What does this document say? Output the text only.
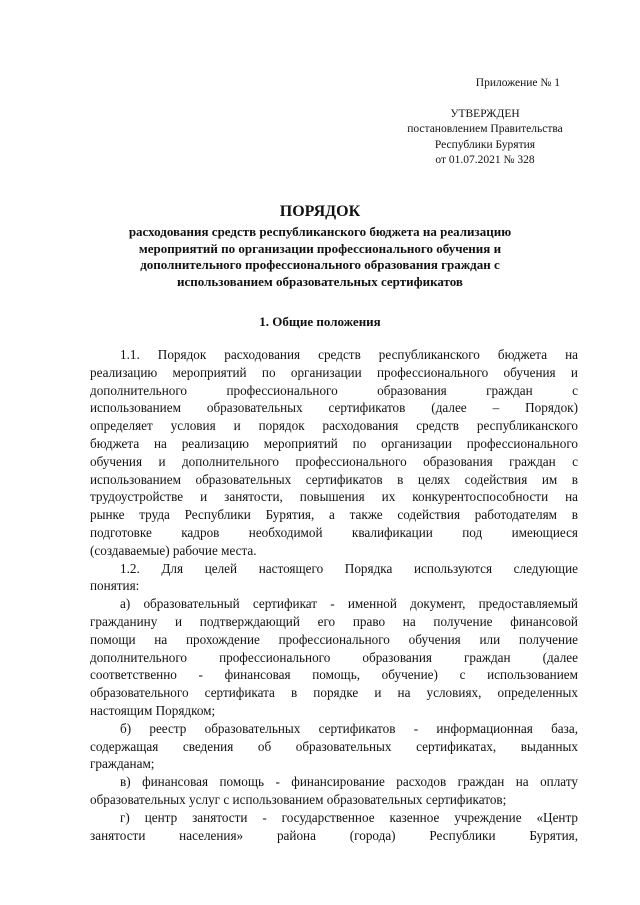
Приложение № 1
УТВЕРЖДЕН
постановлением Правительства
Республики Бурятия
от 01.07.2021 № 328
ПОРЯДОК
расходования средств республиканского бюджета на реализацию
мероприятий по организации профессионального обучения и
дополнительного профессионального образования граждан с
использованием образовательных сертификатов
1. Общие положения
1.1. Порядок расходования средств республиканского бюджета на
реализацию мероприятий по организации профессионального обучения и
дополнительного профессионального образования граждан с
использованием образовательных сертификатов (далее – Порядок)
определяет условия и порядок расходования средств республиканского
бюджета на реализацию мероприятий по организации профессионального
обучения и дополнительного профессионального образования граждан с
использованием образовательных сертификатов в целях содействия им в
трудоустройстве и занятости, повышения их конкурентоспособности на
рынке труда Республики Бурятия, а также содействия работодателям в
подготовке кадров необходимой квалификации под имеющиеся
(создаваемые) рабочие места.
1.2. Для целей настоящего Порядка используются следующие
понятия:
а) образовательный сертификат - именной документ, предоставляемый
гражданину и подтверждающий его право на получение финансовой
помощи на прохождение профессионального обучения или получение
дополнительного профессионального образования граждан (далее
соответственно - финансовая помощь, обучение) с использованием
образовательного сертификата в порядке и на условиях, определенных
настоящим Порядком;
б) реестр образовательных сертификатов - информационная база,
содержащая сведения об образовательных сертификатах, выданных
гражданам;
в) финансовая помощь - финансирование расходов граждан на оплату
образовательных услуг с использованием образовательных сертификатов;
г) центр занятости - государственное казенное учреждение «Центр
занятости населения» района (города) Республики Бурятия,
